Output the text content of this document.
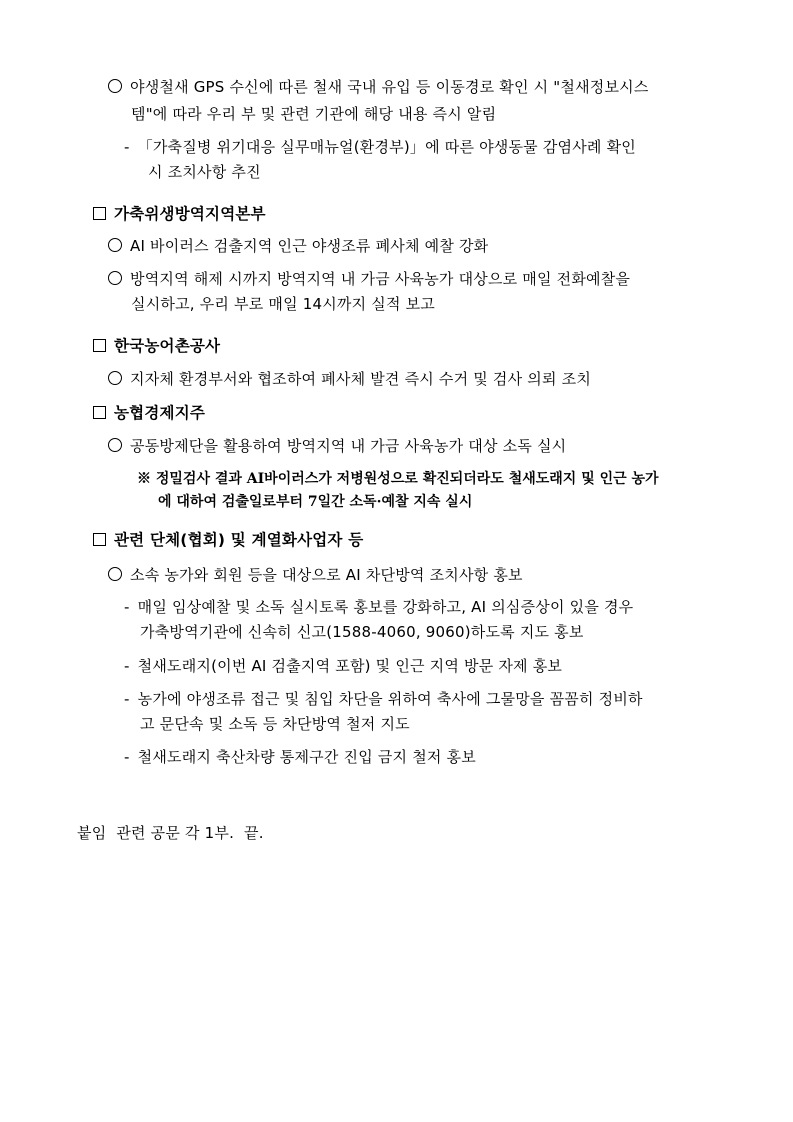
야생철새 GPS 수신에 따른 철새 국내 유입 등 이동경로 확인 시 "철새정보시스
템"에 따라 우리 부 및 관련 기관에 해당 내용 즉시 알림
- 「가축질병 위기대응 실무매뉴얼(환경부)」에 따른 야생동물 감염사례 확인
시 조치사항 추진
가축위생방역지역본부
AI 바이러스 검출지역 인근 야생조류 폐사체 예찰 강화
방역지역 해제 시까지 방역지역 내 가금 사육농가 대상으로 매일 전화예찰을
실시하고, 우리 부로 매일 14시까지 실적 보고
한국농어촌공사
지자체 환경부서와 협조하여 폐사체 발견 즉시 수거 및 검사 의뢰 조치
농협경제지주
공동방제단을 활용하여 방역지역 내 가금 사육농가 대상 소독 실시
※ 정밀검사 결과 AI바이러스가 저병원성으로 확진되더라도 철새도래지 및 인근 농가
에 대하여 검출일로부터 7일간 소독·예찰 지속 실시
관련 단체(협회) 및 계열화사업자 등
소속 농가와 회원 등을 대상으로 AI 차단방역 조치사항 홍보
- 매일 임상예찰 및 소독 실시토록 홍보를 강화하고, AI 의심증상이 있을 경우
가축방역기관에 신속히 신고(1588-4060, 9060)하도록 지도 홍보
- 철새도래지(이번 AI 검출지역 포함) 및 인근 지역 방문 자제 홍보
- 농가에 야생조류 접근 및 침입 차단을 위하여 축사에 그물망을 꼼꼼히 정비하
고 문단속 및 소독 등 차단방역 철저 지도
- 철새도래지 축산차량 통제구간 진입 금지 철저 홍보
붙임  관련 공문 각 1부.  끝.
